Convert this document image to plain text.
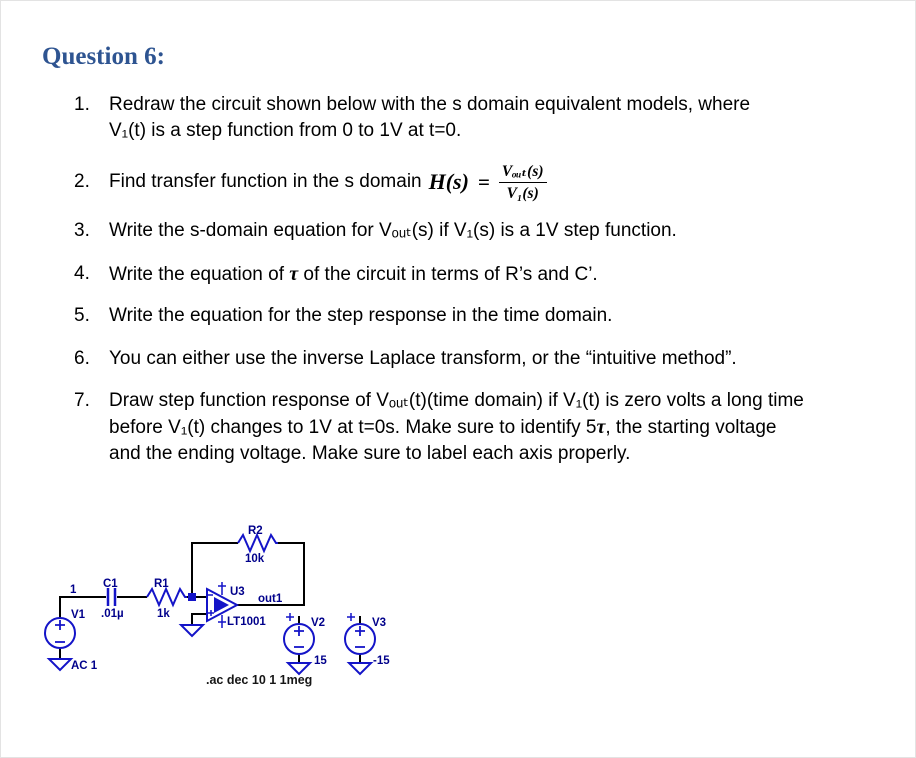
Question 6:
1. Redraw the circuit shown below with the s domain equivalent models, where
V₁(t) is a step function from 0 to 1V at t=0.
2. Find transfer function in the s domain $H(s) = \frac{\text{Vₒᵤₜ(s)}}{\text{V₁(s)}}$
3. Write the s-domain equation for Vₒᵤₜ(s) if V₁(s) is a 1V step function.
4. Write the equation of τ of the circuit in terms of R’s and C’.
5. Write the equation for the step response in the time domain.
6. You can either use the inverse Laplace transform, or the “intuitive method”.
7. Draw step function response of Vₒᵤₜ(t)(time domain) if V₁(t) is zero volts a long time
before V₁(t) changes to 1V at t=0s. Make sure to identify 5τ, the starting voltage
and the ending voltage. Make sure to label each axis properly.
1
V1
AC 1
C1
.01µ
R1
1k
R2
10k
U3
LT1001
out1
V2
15
V3
-15
.ac dec 10 1 1meg
